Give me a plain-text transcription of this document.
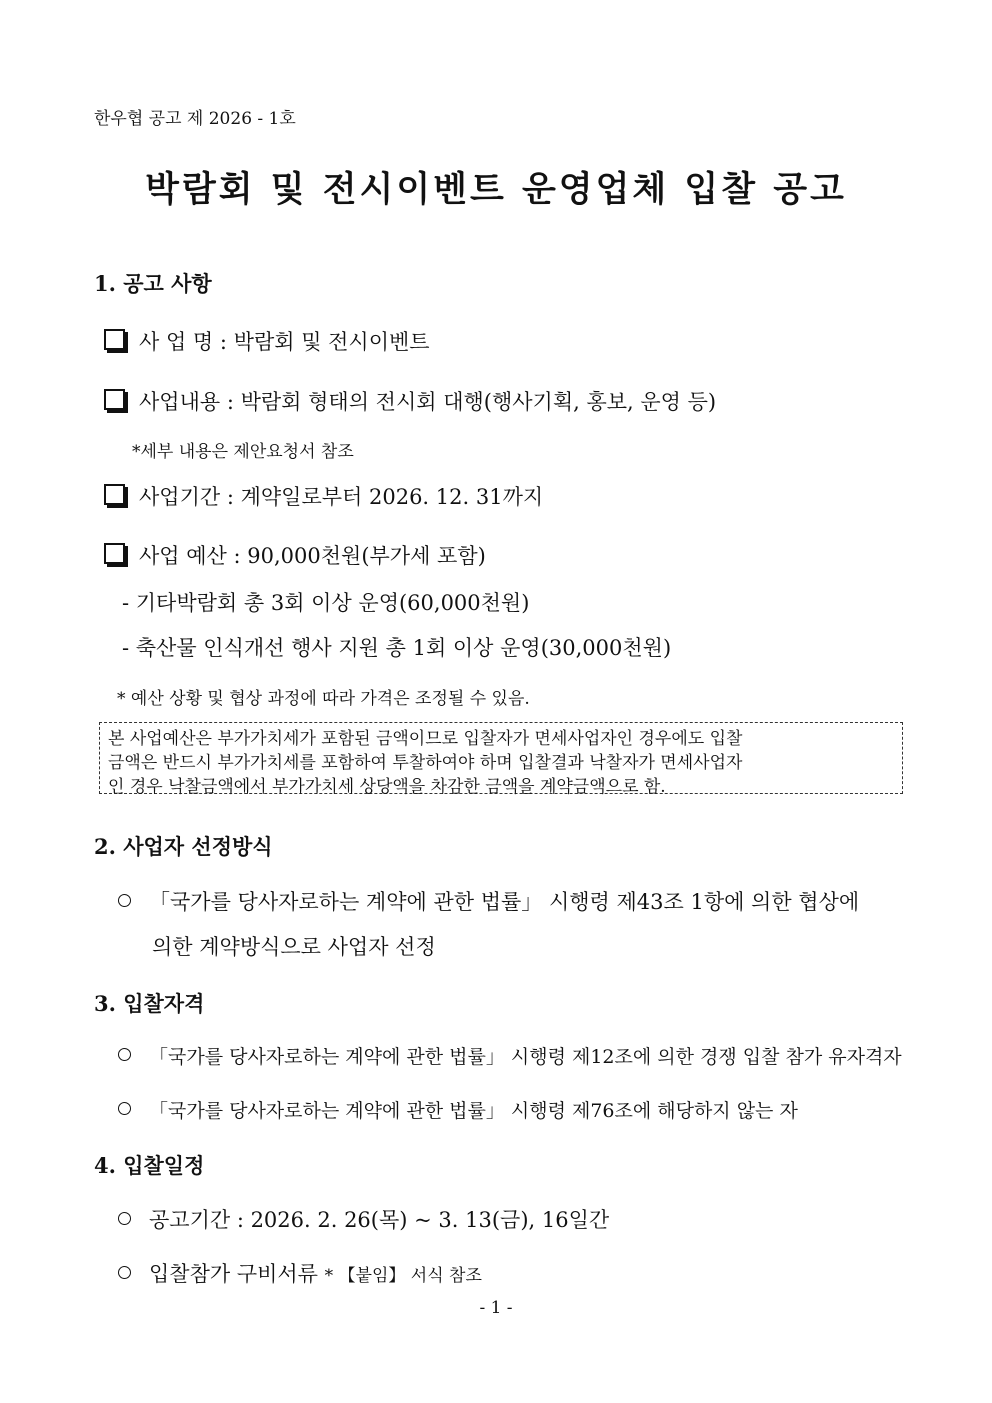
한우협 공고 제 2026 - 1호
박람회 및 전시이벤트 운영업체 입찰 공고
1. 공고 사항
사 업 명 : 박람회 및 전시이벤트
사업내용 : 박람회 형태의 전시회 대행(행사기획, 홍보, 운영 등)
*세부 내용은 제안요청서 참조
사업기간 : 계약일로부터 2026. 12. 31까지
사업 예산 : 90,000천원(부가세 포함)
- 기타박람회 총 3회 이상 운영(60,000천원)
- 축산물 인식개선 행사 지원 총 1회 이상 운영(30,000천원)
* 예산 상황 및 협상 과정에 따라 가격은 조정될 수 있음.
본 사업예산은 부가가치세가 포함된 금액이므로 입찰자가 면세사업자인 경우에도 입찰
금액은 반드시 부가가치세를 포함하여 투찰하여야 하며 입찰결과 낙찰자가 면세사업자
인 경우 낙찰금액에서 부가가치세 상당액을 차감한 금액을 계약금액으로 함.
2. 사업자 선정방식
「국가를 당사자로하는 계약에 관한 법률」 시행령 제43조 1항에 의한 협상에
의한 계약방식으로 사업자 선정
3. 입찰자격
「국가를 당사자로하는 계약에 관한 법률」 시행령 제12조에 의한 경쟁 입찰 참가 유자격자
「국가를 당사자로하는 계약에 관한 법률」 시행령 제76조에 해당하지 않는 자
4. 입찰일정
공고기간 : 2026. 2. 26(목) ~ 3. 13(금), 16일간
입찰참가 구비서류 * 【붙임】 서식 참조
- 1 -
